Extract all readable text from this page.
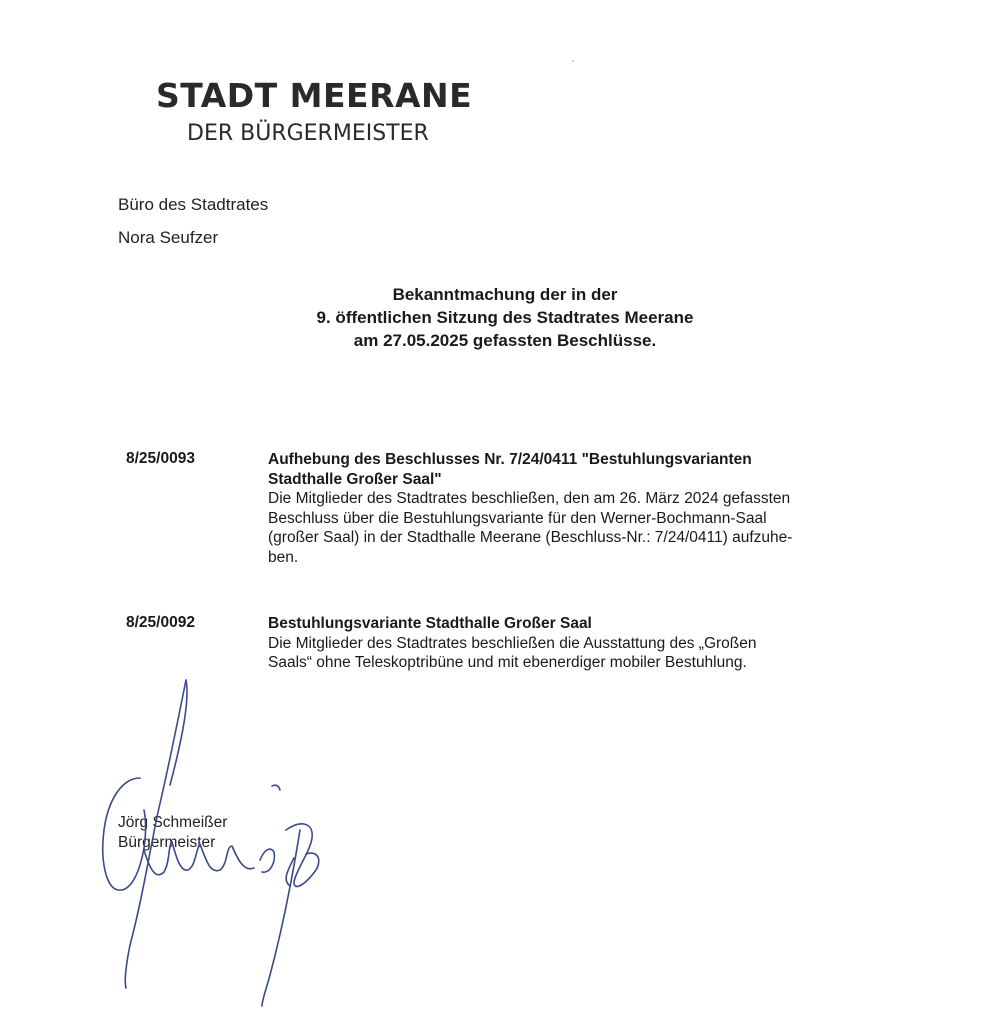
STADT MEERANE
DER BÜRGERMEISTER
Büro des Stadtrates
Nora Seufzer
Bekanntmachung der in der
9. öffentlichen Sitzung des Stadtrates Meerane
am 27.05.2025 gefassten Beschlüsse.
8/25/0093	Aufhebung des Beschlusses Nr. 7/24/0411 "Bestuhlungsvarianten
Stadthalle Großer Saal"
Die Mitglieder des Stadtrates beschließen, den am 26. März 2024 gefassten
Beschluss über die Bestuhlungsvariante für den Werner-Bochmann-Saal
(großer Saal) in der Stadthalle Meerane (Beschluss-Nr.: 7/24/0411) aufzuhe-
ben.
8/25/0092	Bestuhlungsvariante Stadthalle Großer Saal
Die Mitglieder des Stadtrates beschließen die Ausstattung des „Großen
Saals“ ohne Teleskoptribüne und mit ebenerdiger mobiler Bestuhlung.
Jörg Schmeißer
Bürgermeister
